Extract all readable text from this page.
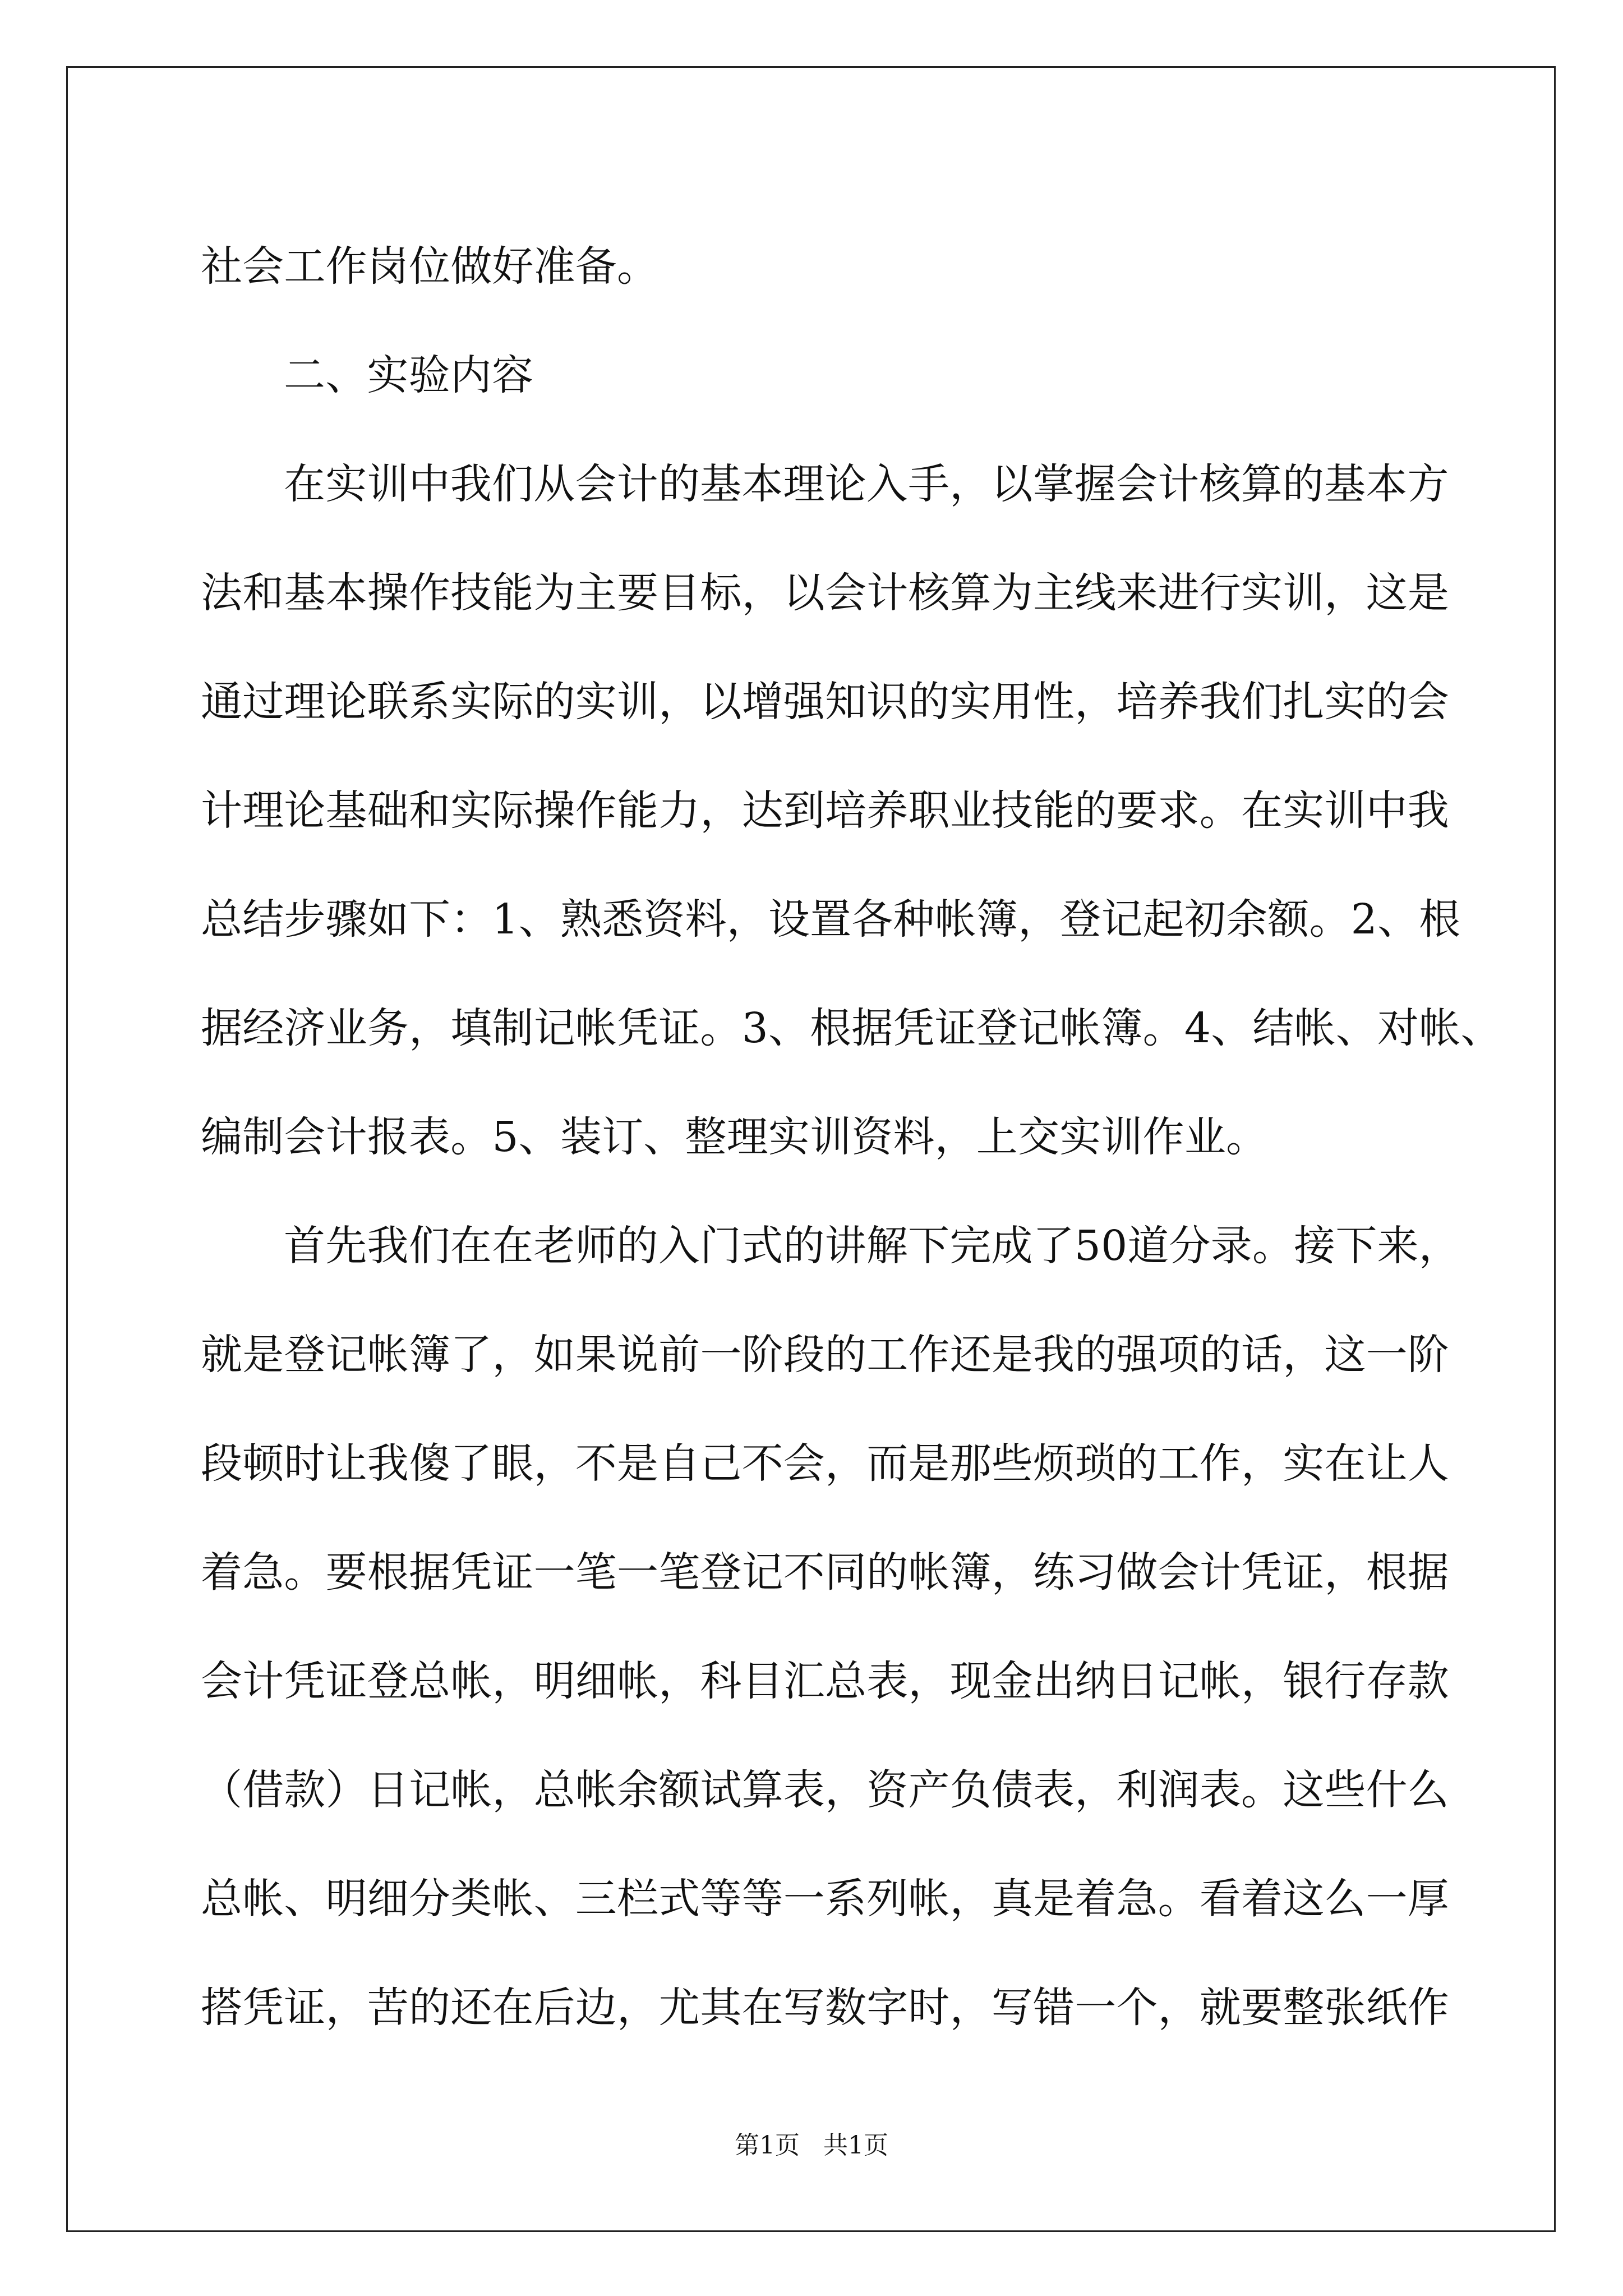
社会工作岗位做好准备。
二、实验内容
在实训中我们从会计的基本理论入手，以掌握会计核算的基本方
法和基本操作技能为主要目标，以会计核算为主线来进行实训，这是
通过理论联系实际的实训，以增强知识的实用性，培养我们扎实的会
计理论基础和实际操作能力，达到培养职业技能的要求。在实训中我
总结步骤如下：1、熟悉资料，设置各种帐簿，登记起初余额。2、根
据经济业务，填制记帐凭证。3、根据凭证登记帐簿。4、结帐、对帐、
编制会计报表。5、装订、整理实训资料，上交实训作业。
首先我们在在老师的入门式的讲解下完成了50道分录。接下来，
就是登记帐簿了，如果说前一阶段的工作还是我的强项的话，这一阶
段顿时让我傻了眼，不是自己不会，而是那些烦琐的工作，实在让人
着急。要根据凭证一笔一笔登记不同的帐簿，练习做会计凭证，根据
会计凭证登总帐，明细帐，科目汇总表，现金出纳日记帐，银行存款
（借款）日记帐，总帐余额试算表，资产负债表，利润表。这些什么
总帐、明细分类帐、三栏式等等一系列帐，真是着急。看着这么一厚
搭凭证，苦的还在后边，尤其在写数字时，写错一个，就要整张纸作
第1页   共1页
